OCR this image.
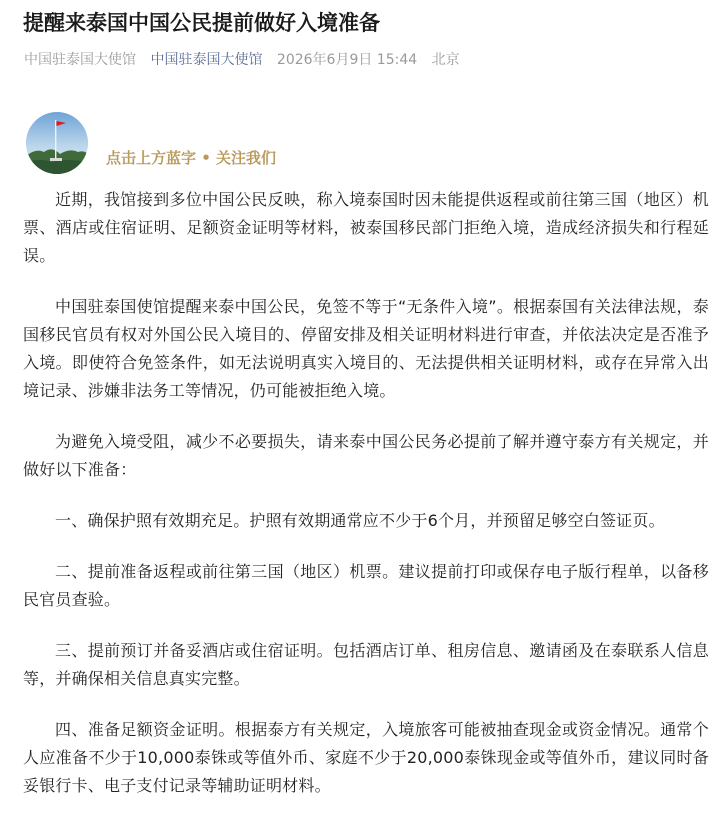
提醒来泰国中国公民提前做好入境准备
中国驻泰国大使馆 中国驻泰国大使馆 2026年6月9日 15:44 北京
点击上方蓝字 • 关注我们

近期，我馆接到多位中国公民反映，称入境泰国时因未能提供返程或前往第三国（地区）机票、酒店或住宿证明、足额资金证明等材料，被泰国移民部门拒绝入境，造成经济损失和行程延误。

中国驻泰国使馆提醒来泰中国公民，免签不等于“无条件入境”。根据泰国有关法律法规，泰国移民官员有权对外国公民入境目的、停留安排及相关证明材料进行审查，并依法决定是否准予入境。即使符合免签条件，如无法说明真实入境目的、无法提供相关证明材料，或存在异常入出境记录、涉嫌非法务工等情况，仍可能被拒绝入境。

为避免入境受阻，减少不必要损失，请来泰中国公民务必提前了解并遵守泰方有关规定，并做好以下准备：

一、确保护照有效期充足。护照有效期通常应不少于6个月，并预留足够空白签证页。

二、提前准备返程或前往第三国（地区）机票。建议提前打印或保存电子版行程单，以备移民官员查验。

三、提前预订并备妥酒店或住宿证明。包括酒店订单、租房信息、邀请函及在泰联系人信息等，并确保相关信息真实完整。

四、准备足额资金证明。根据泰方有关规定，入境旅客可能被抽查现金或资金情况。通常个人应准备不少于10,000泰铢或等值外币、家庭不少于20,000泰铢现金或等值外币，建议同时备妥银行卡、电子支付记录等辅助证明材料。
